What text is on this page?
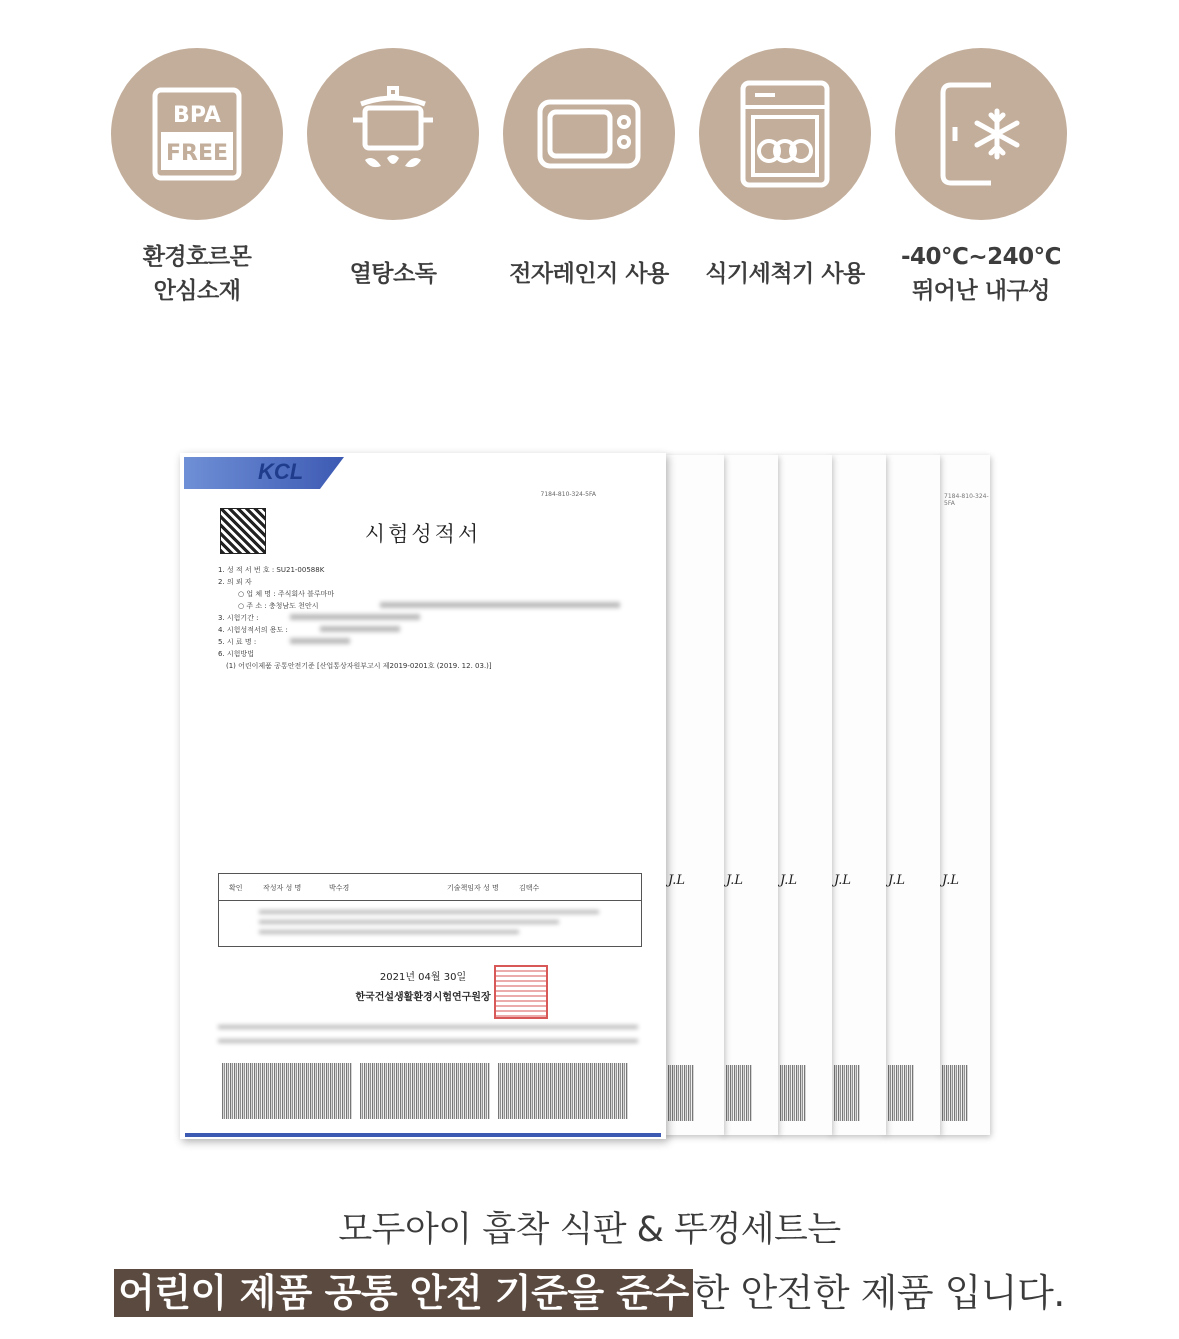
BPA
FREE
환경호르몬
안심소재
열탕소독	전자레인지 사용	식기세척기 사용
-40℃~240℃
뛰어난 내구성
7184-810-324-5FA
J.L
J.L
J.L
J.L
J.L
J.L
KCL
7184-810-324-5FA
시험성적서
1. 성 적 서 번 호 : SU21-00588K
2. 의 뢰 자
○ 업 체 명 : 주식회사 블루마마
○ 주 소 : 충청남도 천안시
3. 시험기간 :
4. 시험성적서의 용도 :
5. 시 료 명 :
6. 시험방법
(1) 어린이제품 공통안전기준 [산업통상자원부고시 제2019-0201호 (2019. 12. 03.)]
확인	작성자 성 명	박수경	기술책임자 성 명	김택수
2021년 04월 30일
한국건설생활환경시험연구원장
모두아이 흡착 식판 & 뚜껑세트는
어린이 제품 공통 안전 기준을 준수 한 안전한 제품 입니다.
